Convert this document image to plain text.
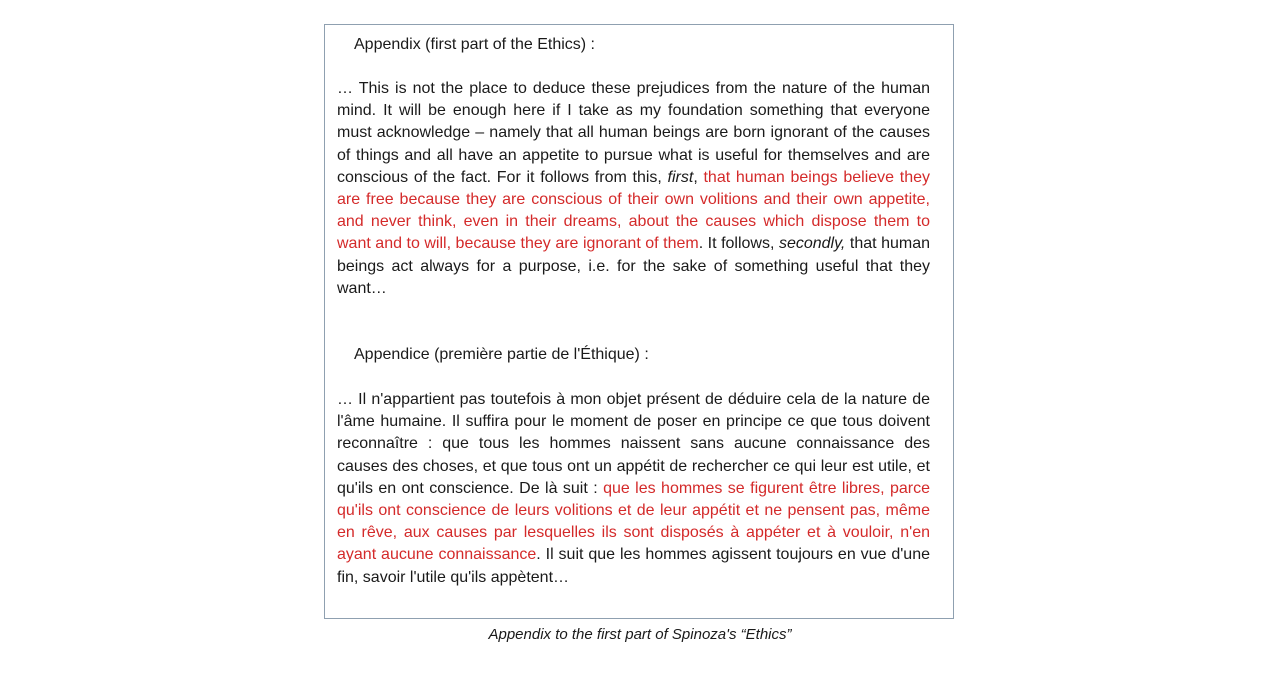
Appendix (first part of the Ethics) :
… This is not the place to deduce these prejudices from the nature of the human mind. It will be enough here if I take as my foundation something that everyone must acknowledge – namely that all human beings are born ignorant of the causes of things and all have an appetite to pursue what is useful for themselves and are conscious of the fact. For it follows from this, first, that human beings believe they are free because they are conscious of their own volitions and their own appetite, and never think, even in their dreams, about the causes which dispose them to want and to will, because they are ignorant of them. It follows, secondly, that human beings act always for a purpose, i.e. for the sake of something useful that they want…
Appendice (première partie de l'Éthique) :
… Il n'appartient pas toutefois à mon objet présent de déduire cela de la nature de l'âme humaine. Il suffira pour le moment de poser en principe ce que tous doivent reconnaître : que tous les hommes naissent sans aucune connaissance des causes des choses, et que tous ont un appétit de rechercher ce qui leur est utile, et qu'ils en ont conscience. De là suit : que les hommes se figurent être libres, parce qu'ils ont conscience de leurs volitions et de leur appétit et ne pensent pas, même en rêve, aux causes par lesquelles ils sont disposés à appéter et à vouloir, n'en ayant aucune connaissance. Il suit que les hommes agissent toujours en vue d'une fin, savoir l'utile qu'ils appètent…
Appendix to the first part of Spinoza's “Ethics”
